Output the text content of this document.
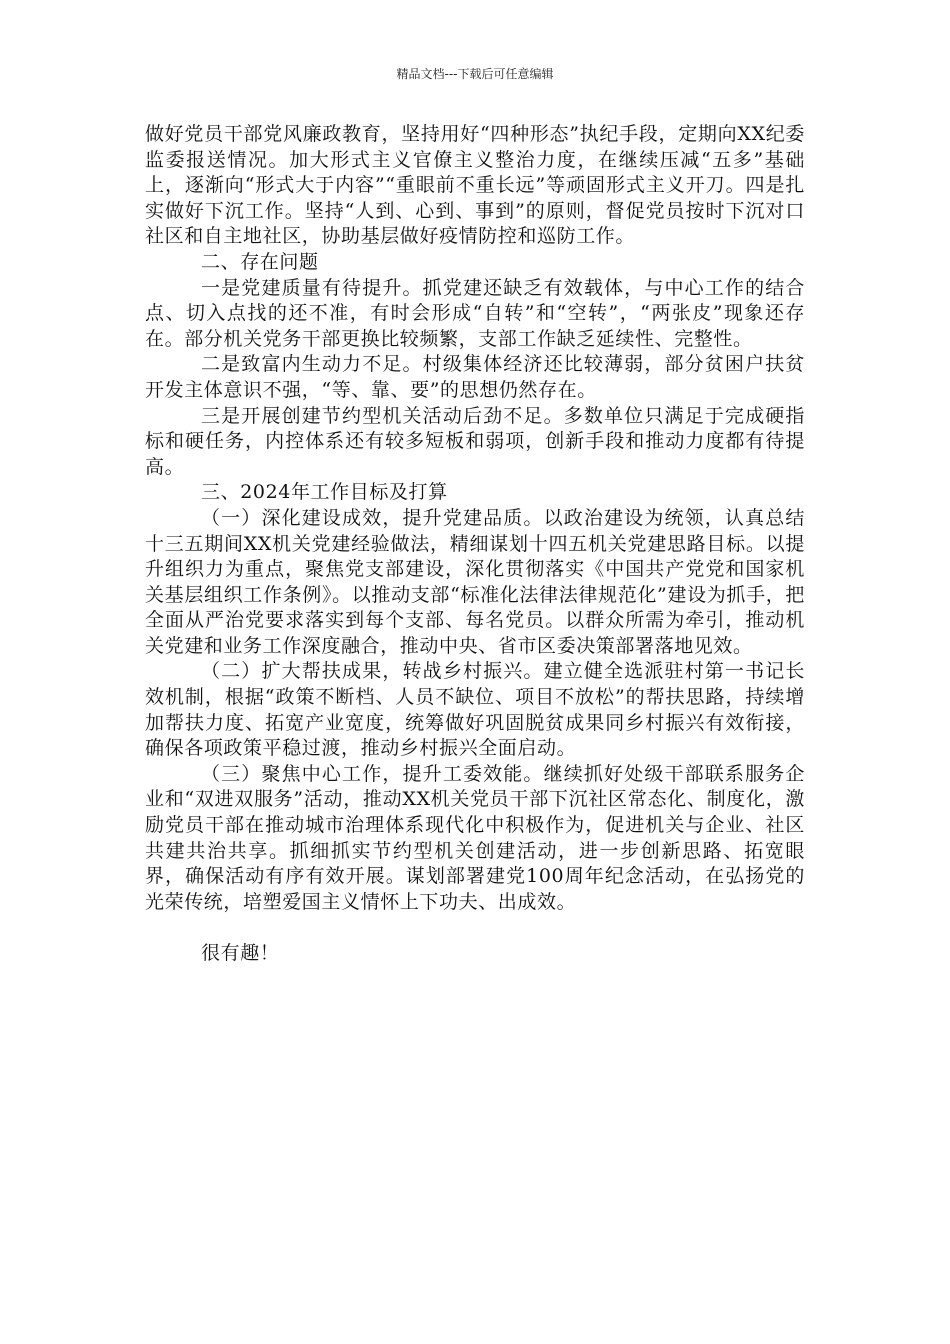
精品文档---下载后可任意编辑

做好党员干部党风廉政教育，坚持用好“四种形态”执纪手段，定期向XX纪委监委报送情况。加大形式主义官僚主义整治力度，在继续压减“五多”基础上，逐渐向“形式大于内容”“重眼前不重长远”等顽固形式主义开刀。四是扎实做好下沉工作。坚持“人到、心到、事到”的原则，督促党员按时下沉对口社区和自主地社区，协助基层做好疫情防控和巡防工作。

二、存在问题

一是党建质量有待提升。抓党建还缺乏有效载体，与中心工作的结合点、切入点找的还不准，有时会形成“自转”和“空转”，“两张皮”现象还存在。部分机关党务干部更换比较频繁，支部工作缺乏延续性、完整性。

二是致富内生动力不足。村级集体经济还比较薄弱，部分贫困户扶贫开发主体意识不强，“等、靠、要”的思想仍然存在。

三是开展创建节约型机关活动后劲不足。多数单位只满足于完成硬指标和硬任务，内控体系还有较多短板和弱项，创新手段和推动力度都有待提高。

三、2024年工作目标及打算

（一）深化建设成效，提升党建品质。以政治建设为统领，认真总结十三五期间XX机关党建经验做法，精细谋划十四五机关党建思路目标。以提升组织力为重点，聚焦党支部建设，深化贯彻落实《中国共产党党和国家机关基层组织工作条例》。以推动支部“标准化法律法律规范化”建设为抓手，把全面从严治党要求落实到每个支部、每名党员。以群众所需为牵引，推动机关党建和业务工作深度融合，推动中央、省市区委决策部署落地见效。

（二）扩大帮扶成果，转战乡村振兴。建立健全选派驻村第一书记长效机制，根据“政策不断档、人员不缺位、项目不放松”的帮扶思路，持续增加帮扶力度、拓宽产业宽度，统筹做好巩固脱贫成果同乡村振兴有效衔接，确保各项政策平稳过渡，推动乡村振兴全面启动。

（三）聚焦中心工作，提升工委效能。继续抓好处级干部联系服务企业和“双进双服务”活动，推动XX机关党员干部下沉社区常态化、制度化，激励党员干部在推动城市治理体系现代化中积极作为，促进机关与企业、社区共建共治共享。抓细抓实节约型机关创建活动，进一步创新思路、拓宽眼界，确保活动有序有效开展。谋划部署建党100周年纪念活动，在弘扬党的光荣传统，培塑爱国主义情怀上下功夫、出成效。

很有趣！
